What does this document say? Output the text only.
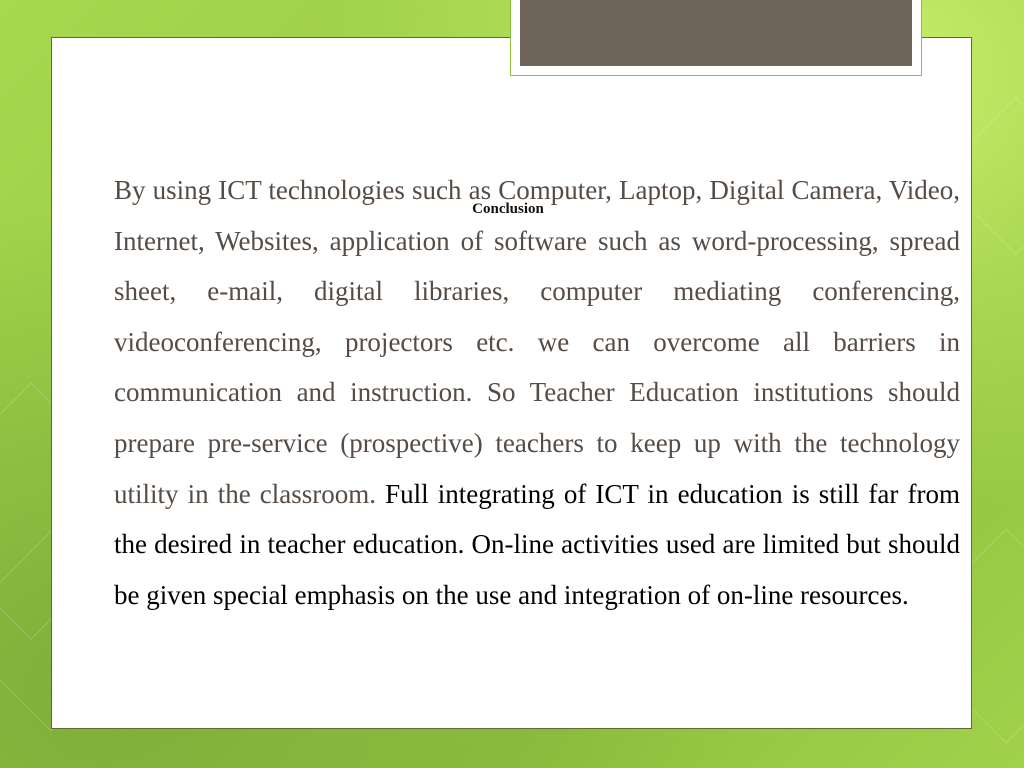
Conclusion
By using ICT technologies such as Computer, Laptop, Digital Camera, Video, Internet, Websites, application of software such as word-processing, spread sheet, e-mail, digital libraries, computer mediating conferencing, videoconferencing, projectors etc. we can overcome all barriers in communication and instruction. So Teacher Education institutions should prepare pre-service (prospective) teachers to keep up with the technology utility in the classroom. Full integrating of ICT in education is still far from the desired in teacher education. On-line activities used are limited but should be given special emphasis on the use and integration of on-line resources.
